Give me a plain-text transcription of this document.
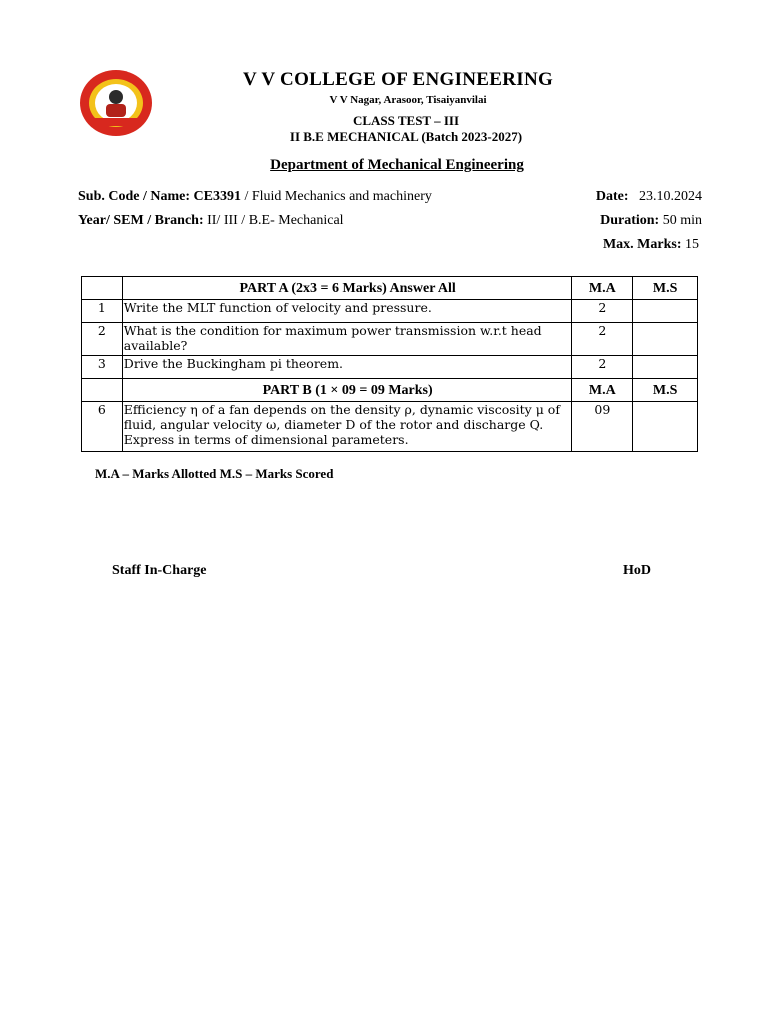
V V COLLEGE OF ENGINEERING
V V Nagar, Arasoor, Tisaiyanvilai
CLASS TEST – III
II B.E MECHANICAL (Batch 2023-2027)
Department of Mechanical Engineering
Sub. Code / Name: CE3391 / Fluid Mechanics and machinery
Year/ SEM / Branch: II/ III / B.E- Mechanical
Date: 23.10.2024
Duration: 50 min
Max. Marks: 15
	PART A (2x3 = 6 Marks) Answer All	M.A	M.S
1	Write the MLT function of velocity and pressure.	2	
2	What is the condition for maximum power transmission w.r.t head available?	2	
3	Drive the Buckingham pi theorem.	2	
	PART B (1 × 09 = 09 Marks)	M.A	M.S
6	Efficiency η of a fan depends on the density ρ, dynamic viscosity μ of fluid, angular velocity ω, diameter D of the rotor and discharge Q. Express in terms of dimensional parameters.	09	
M.A – Marks Allotted M.S – Marks Scored
Staff In-Charge	HoD
